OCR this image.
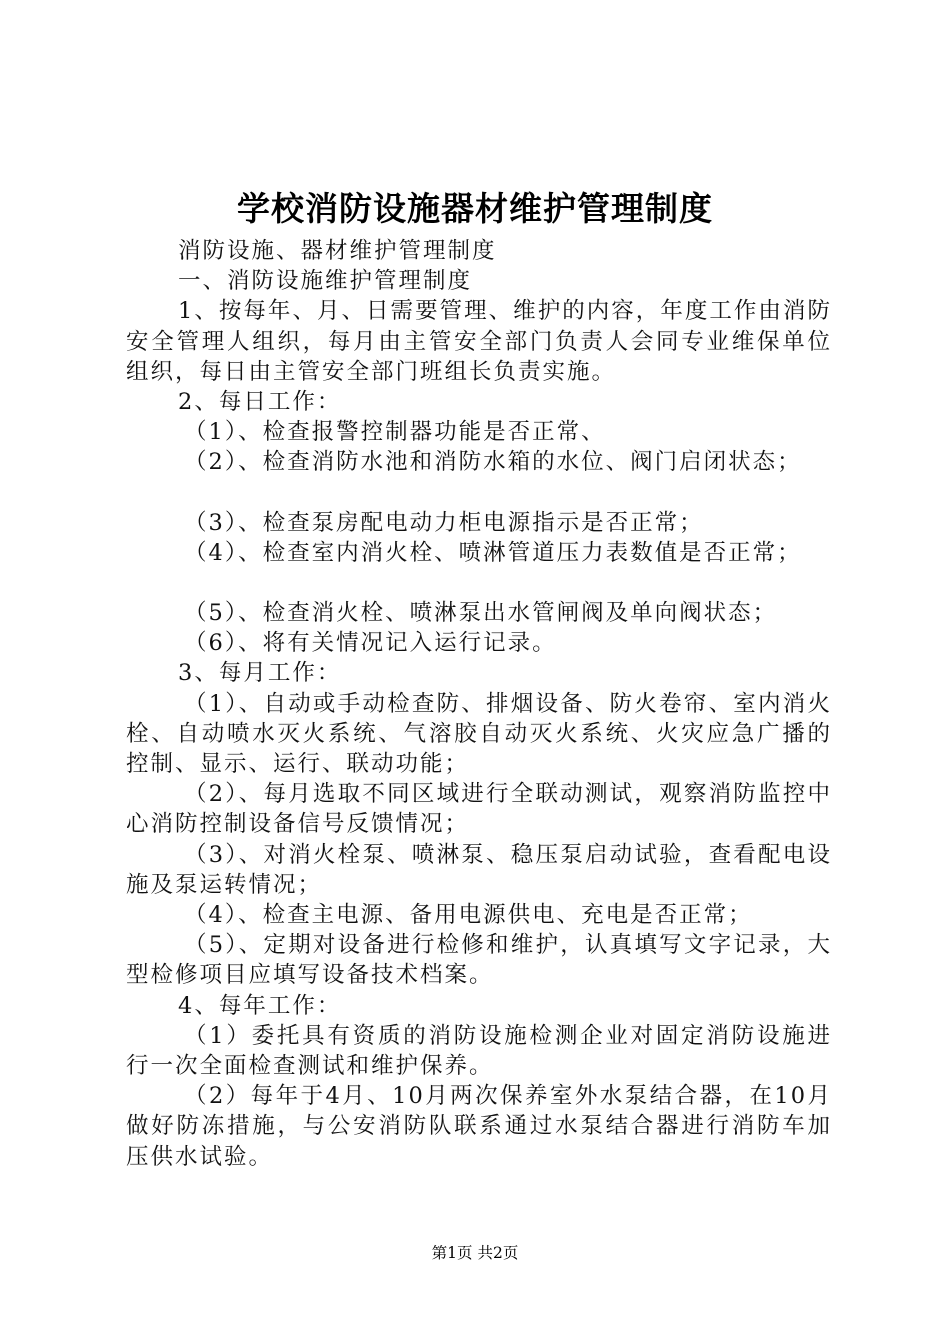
学校消防设施器材维护管理制度

消防设施、器材维护管理制度

一、消防设施维护管理制度

1、按每年、月、日需要管理、维护的内容，年度工作由消防安全管理人组织，每月由主管安全部门负责人会同专业维保单位组织，每日由主管安全部门班组长负责实施。

2、每日工作：

（1）、检查报警控制器功能是否正常、

（2）、检查消防水池和消防水箱的水位、阀门启闭状态；

（3）、检查泵房配电动力柜电源指示是否正常；

（4）、检查室内消火栓、喷淋管道压力表数值是否正常；

（5）、检查消火栓、喷淋泵出水管闸阀及单向阀状态；

（6）、将有关情况记入运行记录。

3、每月工作：

（1）、自动或手动检查防、排烟设备、防火卷帘、室内消火栓、自动喷水灭火系统、气溶胶自动灭火系统、火灾应急广播的控制、显示、运行、联动功能；

（2）、每月选取不同区域进行全联动测试，观察消防监控中心消防控制设备信号反馈情况；

（3）、对消火栓泵、喷淋泵、稳压泵启动试验，查看配电设施及泵运转情况；

（4）、检查主电源、备用电源供电、充电是否正常；

（5）、定期对设备进行检修和维护，认真填写文字记录，大型检修项目应填写设备技术档案。

4、每年工作：

（1）委托具有资质的消防设施检测企业对固定消防设施进行一次全面检查测试和维护保养。

（2）每年于4月、10月两次保养室外水泵结合器，在10月做好防冻措施，与公安消防队联系通过水泵结合器进行消防车加压供水试验。

第1页 共2页
